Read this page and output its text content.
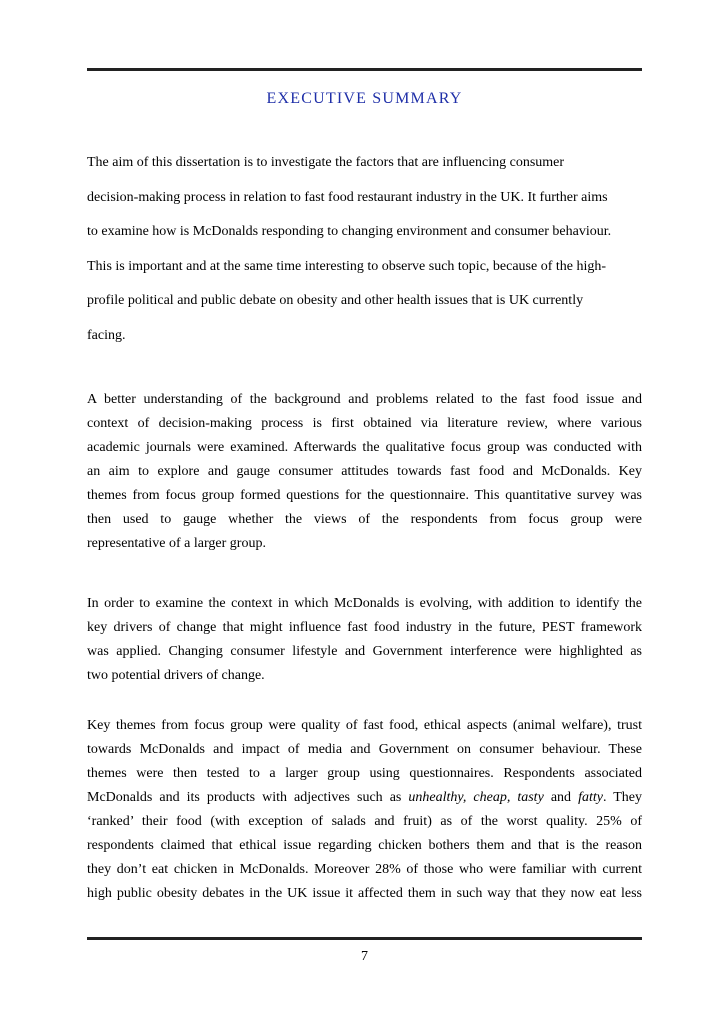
EXECUTIVE SUMMARY
The aim of this dissertation is to investigate the factors that are influencing consumer
decision-making process in relation to fast food restaurant industry in the UK. It further aims
to examine how is McDonalds responding to changing environment and consumer behaviour.
This is important and at the same time interesting to observe such topic, because of the high-
profile political and public debate on obesity and other health issues that is UK currently
facing.
A better understanding of the background and problems related to the fast food issue and
context of decision-making process is first obtained via literature review, where various
academic journals were examined. Afterwards the qualitative focus group was conducted with
an aim to explore and gauge consumer attitudes towards fast food and McDonalds. Key
themes from focus group formed questions for the questionnaire. This quantitative survey was
then used to gauge whether the views of the respondents from focus group were
representative of a larger group.
In order to examine the context in which McDonalds is evolving, with addition to identify the
key drivers of change that might influence fast food industry in the future, PEST framework
was applied. Changing consumer lifestyle and Government interference were highlighted as
two potential drivers of change.
Key themes from focus group were quality of fast food, ethical aspects (animal welfare), trust
towards McDonalds and impact of media and Government on consumer behaviour. These
themes were then tested to a larger group using questionnaires. Respondents associated
McDonalds and its products with adjectives such as unhealthy, cheap, tasty and fatty. They
‘ranked’ their food (with exception of salads and fruit) as of the worst quality. 25% of
respondents claimed that ethical issue regarding chicken bothers them and that is the reason
they don’t eat chicken in McDonalds. Moreover 28% of those who were familiar with current
high public obesity debates in the UK issue it affected them in such way that they now eat less
7
